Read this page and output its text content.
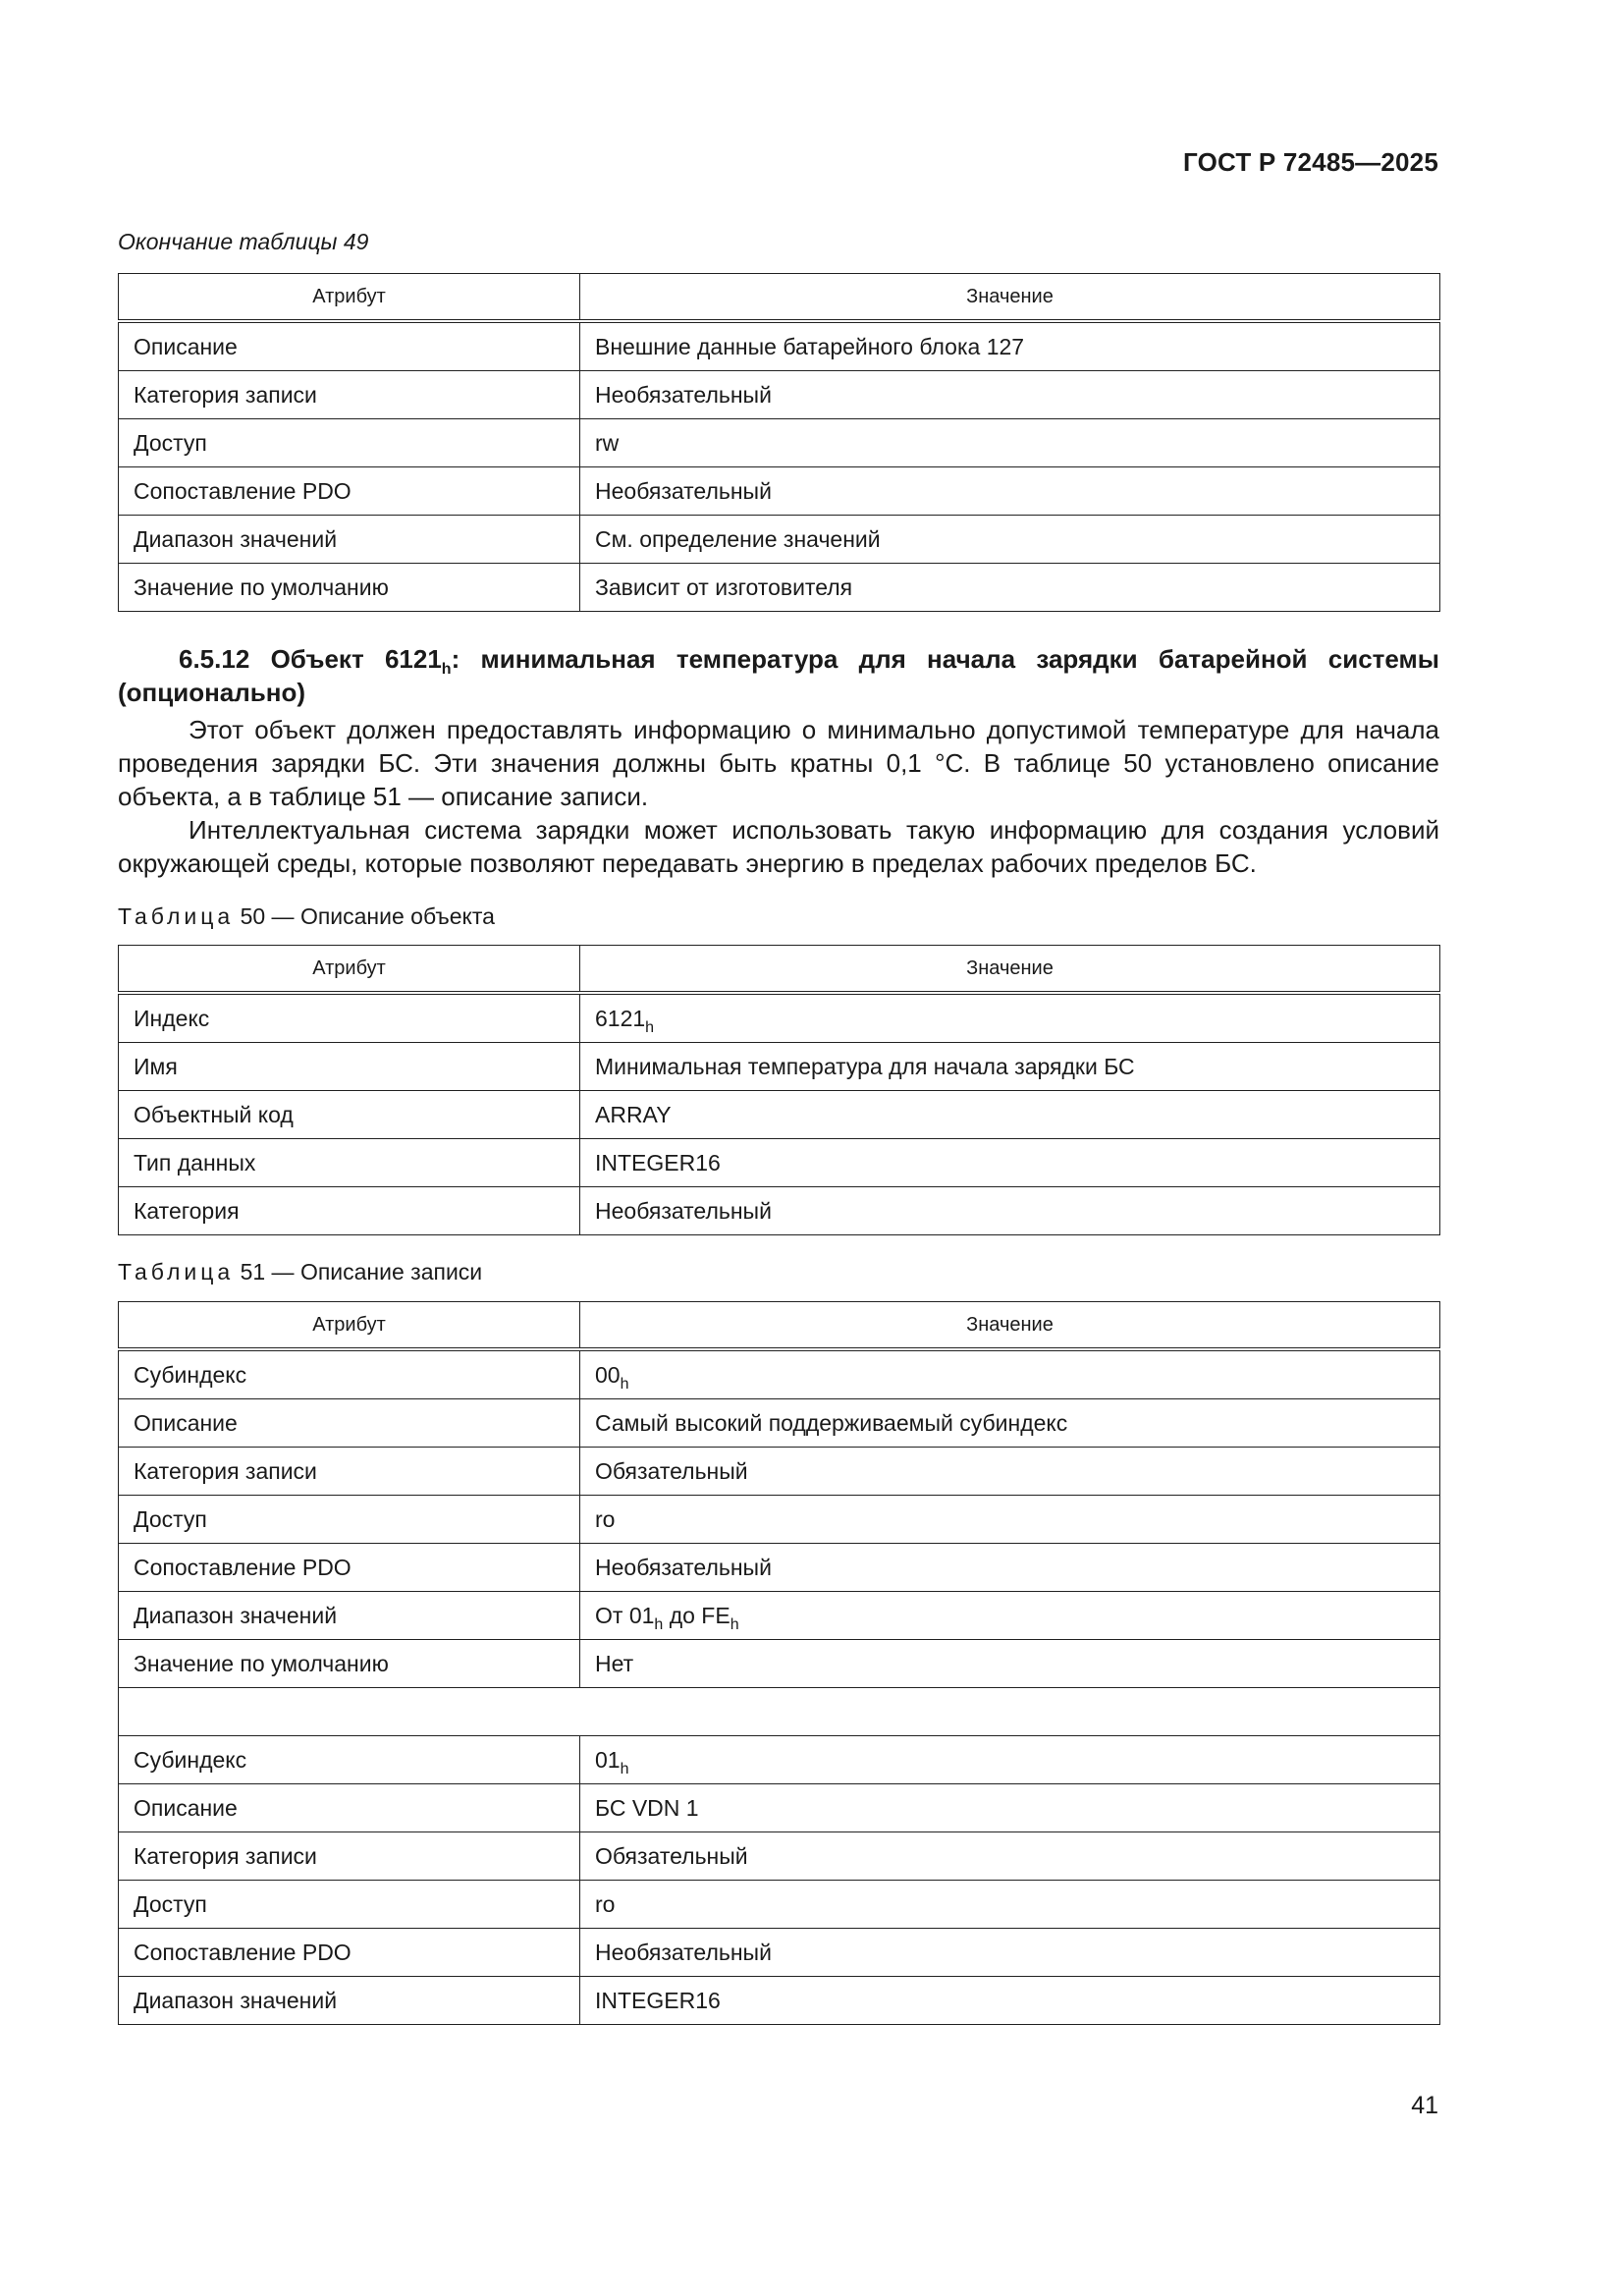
ГОСТ Р 72485—2025
Окончание таблицы 49
Атрибут	Значение
Описание	Внешние данные батарейного блока 127
Категория записи	Необязательный
Доступ	rw
Сопоставление PDO	Необязательный
Диапазон значений	См. определение значений
Значение по умолчанию	Зависит от изготовителя
6.5.12 Объект $6121_h$: минимальная температура для начала зарядки батарейной системы (опционально)
Этот объект должен предоставлять информацию о минимально допустимой температуре для начала проведения зарядки БС. Эти значения должны быть кратны 0,1 °С. В таблице 50 установлено описание объекта, а в таблице 51 — описание записи.
Интеллектуальная система зарядки может использовать такую информацию для создания условий окружающей среды, которые позволяют передавать энергию в пределах рабочих пределов БС.
Таблица 50 — Описание объекта
Атрибут	Значение
Индекс	$6121_h$
Имя	Минимальная температура для начала зарядки БС
Объектный код	ARRAY
Тип данных	INTEGER16
Категория	Необязательный
Таблица 51 — Описание записи
Атрибут	Значение
Субиндекс	$00_h$
Описание	Самый высокий поддерживаемый субиндекс
Категория записи	Обязательный
Доступ	ro
Сопоставление PDO	Необязательный
Диапазон значений	От $01_h$ до $FE_h$
Значение по умолчанию	Нет

Субиндекс	$01_h$
Описание	БС VDN 1
Категория записи	Обязательный
Доступ	ro
Сопоставление PDO	Необязательный
Диапазон значений	INTEGER16
41
